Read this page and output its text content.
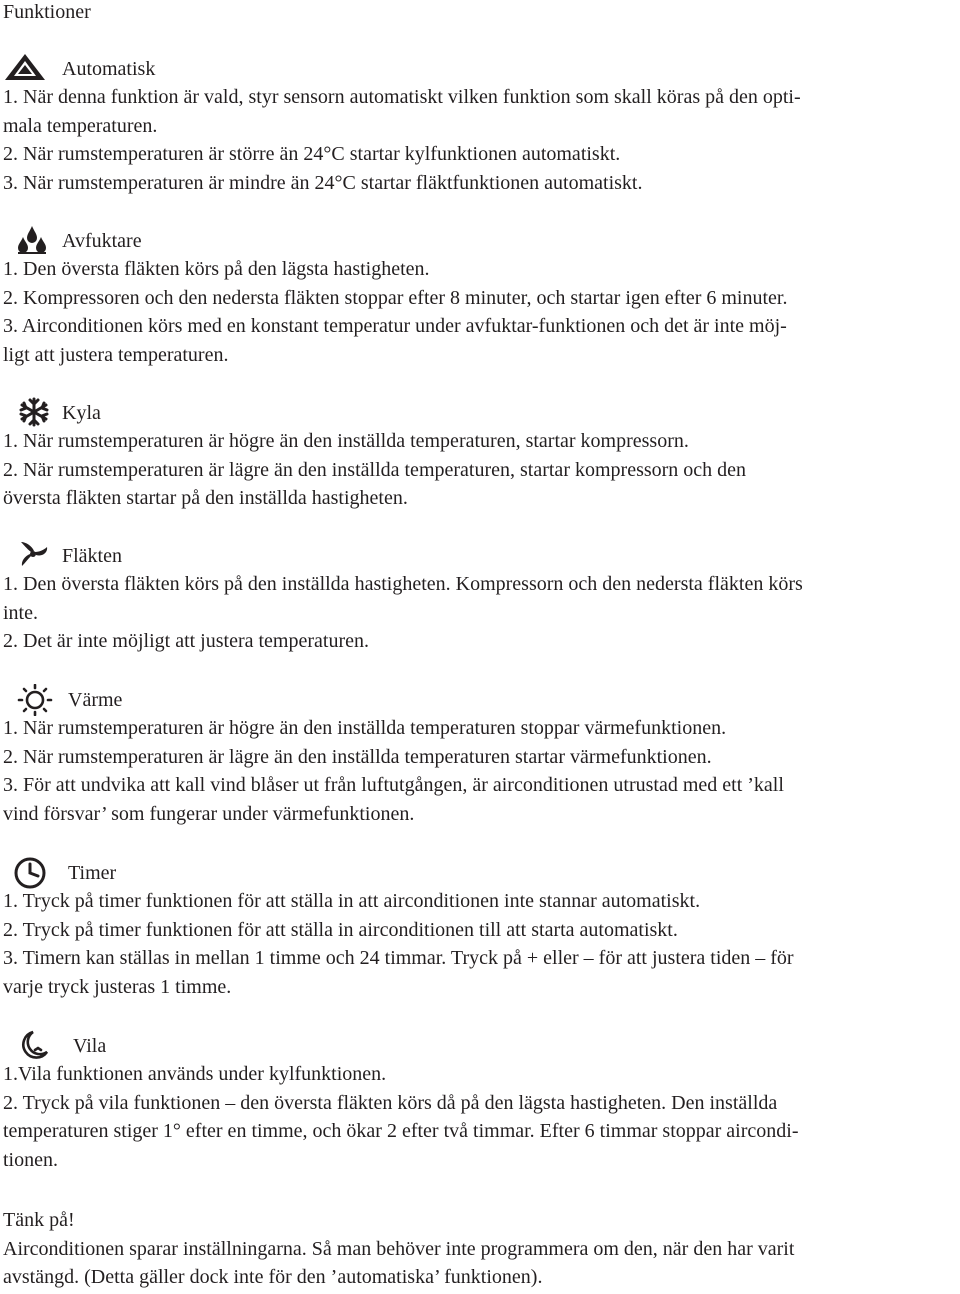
Funktioner
Automatisk
1. När denna funktion är vald, styr sensorn automatiskt vilken funktion som skall köras på den opti-
mala temperaturen.
2. När rumstemperaturen är större än 24°C startar kylfunktionen automatiskt.
3. När rumstemperaturen är mindre än 24°C startar fläktfunktionen automatiskt.
Avfuktare
1. Den översta fläkten körs på den lägsta hastigheten.
2. Kompressoren och den nedersta fläkten stoppar efter 8 minuter, och startar igen efter 6 minuter.
3. Airconditionen körs med en konstant temperatur under avfuktar-funktionen och det är inte möj-
ligt att justera temperaturen.
Kyla
1. När rumstemperaturen är högre än den inställda temperaturen, startar kompressorn.
2. När rumstemperaturen är lägre än den inställda temperaturen, startar kompressorn och den
översta fläkten startar på den inställda hastigheten.
Fläkten
1. Den översta fläkten körs på den inställda hastigheten. Kompressorn och den nedersta fläkten körs
inte.
2. Det är inte möjligt att justera temperaturen.
Värme
1. När rumstemperaturen är högre än den inställda temperaturen stoppar värmefunktionen.
2. När rumstemperaturen är lägre än den inställda temperaturen startar värmefunktionen.
3. För att undvika att kall vind blåser ut från luftutgången, är airconditionen utrustad med ett ’kall
vind försvar’ som fungerar under värmefunktionen.
Timer
1. Tryck på timer funktionen för att ställa in att airconditionen inte stannar automatiskt.
2. Tryck på timer funktionen för att ställa in airconditionen till att starta automatiskt.
3. Timern kan ställas in mellan 1 timme och 24 timmar. Tryck på + eller – för att justera tiden – för
varje tryck justeras 1 timme.
Vila
1.Vila funktionen används under kylfunktionen.
2. Tryck på vila funktionen – den översta fläkten körs då på den lägsta hastigheten. Den inställda
temperaturen stiger 1° efter en timme, och ökar 2 efter två timmar. Efter 6 timmar stoppar aircondi-
tionen.
Tänk på!
Airconditionen sparar inställningarna. Så man behöver inte programmera om den, när den har varit
avstängd. (Detta gäller dock inte för den ’automatiska’ funktionen).
